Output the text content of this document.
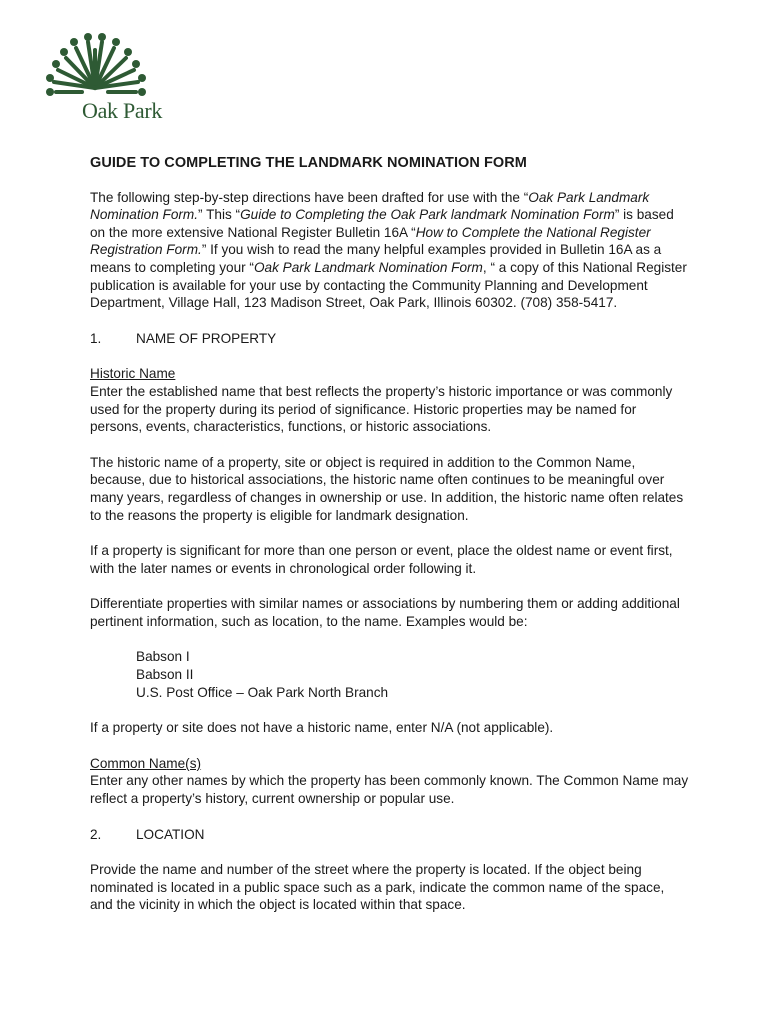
Oak Park
GUIDE TO COMPLETING THE LANDMARK NOMINATION FORM

The following step-by-step directions have been drafted for use with the “Oak Park Landmark Nomination Form.” This “Guide to Completing the Oak Park landmark Nomination Form” is based on the more extensive National Register Bulletin 16A “How to Complete the National Register Registration Form.” If you wish to read the many helpful examples provided in Bulletin 16A as a means to completing your “Oak Park Landmark Nomination Form, “ a copy of this National Register publication is available for your use by contacting the Community Planning and Development Department, Village Hall, 123 Madison Street, Oak Park, Illinois 60302. (708) 358-5417.

1.	NAME OF PROPERTY

Historic Name
Enter the established name that best reflects the property’s historic importance or was commonly used for the property during its period of significance. Historic properties may be named for persons, events, characteristics, functions, or historic associations.

The historic name of a property, site or object is required in addition to the Common Name, because, due to historical associations, the historic name often continues to be meaningful over many years, regardless of changes in ownership or use. In addition, the historic name often relates to the reasons the property is eligible for landmark designation.

If a property is significant for more than one person or event, place the oldest name or event first, with the later names or events in chronological order following it.

Differentiate properties with similar names or associations by numbering them or adding additional pertinent information, such as location, to the name. Examples would be:

Babson I
Babson II
U.S. Post Office – Oak Park North Branch

If a property or site does not have a historic name, enter N/A (not applicable).

Common Name(s)
Enter any other names by which the property has been commonly known. The Common Name may reflect a property’s history, current ownership or popular use.

2.	LOCATION

Provide the name and number of the street where the property is located. If the object being nominated is located in a public space such as a park, indicate the common name of the space, and the vicinity in which the object is located within that space.
